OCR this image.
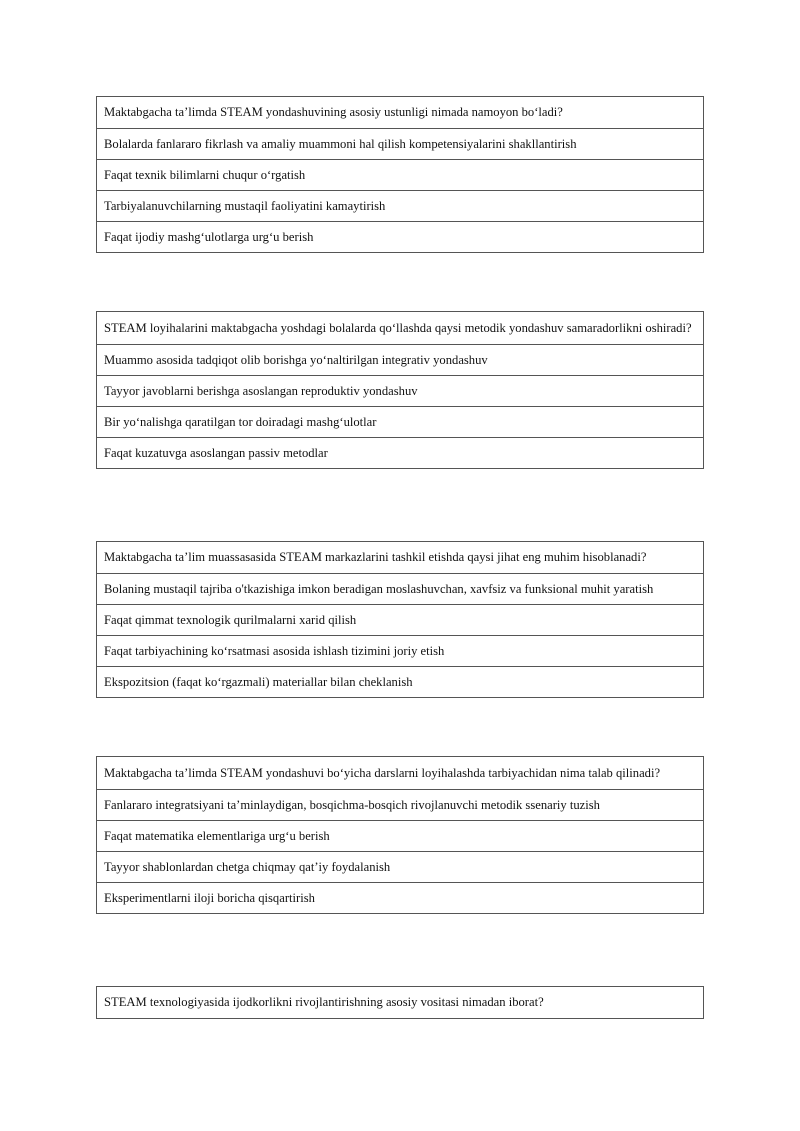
Maktabgacha ta’limda STEAM yondashuvining asosiy ustunligi nimada namoyon bo‘ladi?
Bolalarda fanlararo fikrlash va amaliy muammoni hal qilish kompetensiyalarini shakllantirish
Faqat texnik bilimlarni chuqur o‘rgatish
Tarbiyalanuvchilarning mustaqil faoliyatini kamaytirish
Faqat ijodiy mashg‘ulotlarga urg‘u berish
STEAM loyihalarini maktabgacha yoshdagi bolalarda qo‘llashda qaysi metodik yondashuv samaradorlikni oshiradi?
Muammo asosida tadqiqot olib borishga yo‘naltirilgan integrativ yondashuv
Tayyor javoblarni berishga asoslangan reproduktiv yondashuv
Bir yo‘nalishga qaratilgan tor doiradagi mashg‘ulotlar
Faqat kuzatuvga asoslangan passiv metodlar
Maktabgacha ta’lim muassasasida STEAM markazlarini tashkil etishda qaysi jihat eng muhim hisoblanadi?
Bolaning mustaqil tajriba o'tkazishiga imkon beradigan moslashuvchan, xavfsiz va funksional muhit yaratish
Faqat qimmat texnologik qurilmalarni xarid qilish
Faqat tarbiyachining ko‘rsatmasi asosida ishlash tizimini joriy etish
Ekspozitsion (faqat ko‘rgazmali) materiallar bilan cheklanish
Maktabgacha ta’limda STEAM yondashuvi bo‘yicha darslarni loyihalashda tarbiyachidan nima talab qilinadi?
Fanlararo integratsiyani ta’minlaydigan, bosqichma-bosqich rivojlanuvchi metodik ssenariy tuzish
Faqat matematika elementlariga urg‘u berish
Tayyor shablonlardan chetga chiqmay qat’iy foydalanish
Eksperimentlarni iloji boricha qisqartirish
STEAM texnologiyasida ijodkorlikni rivojlantirishning asosiy vositasi nimadan iborat?
